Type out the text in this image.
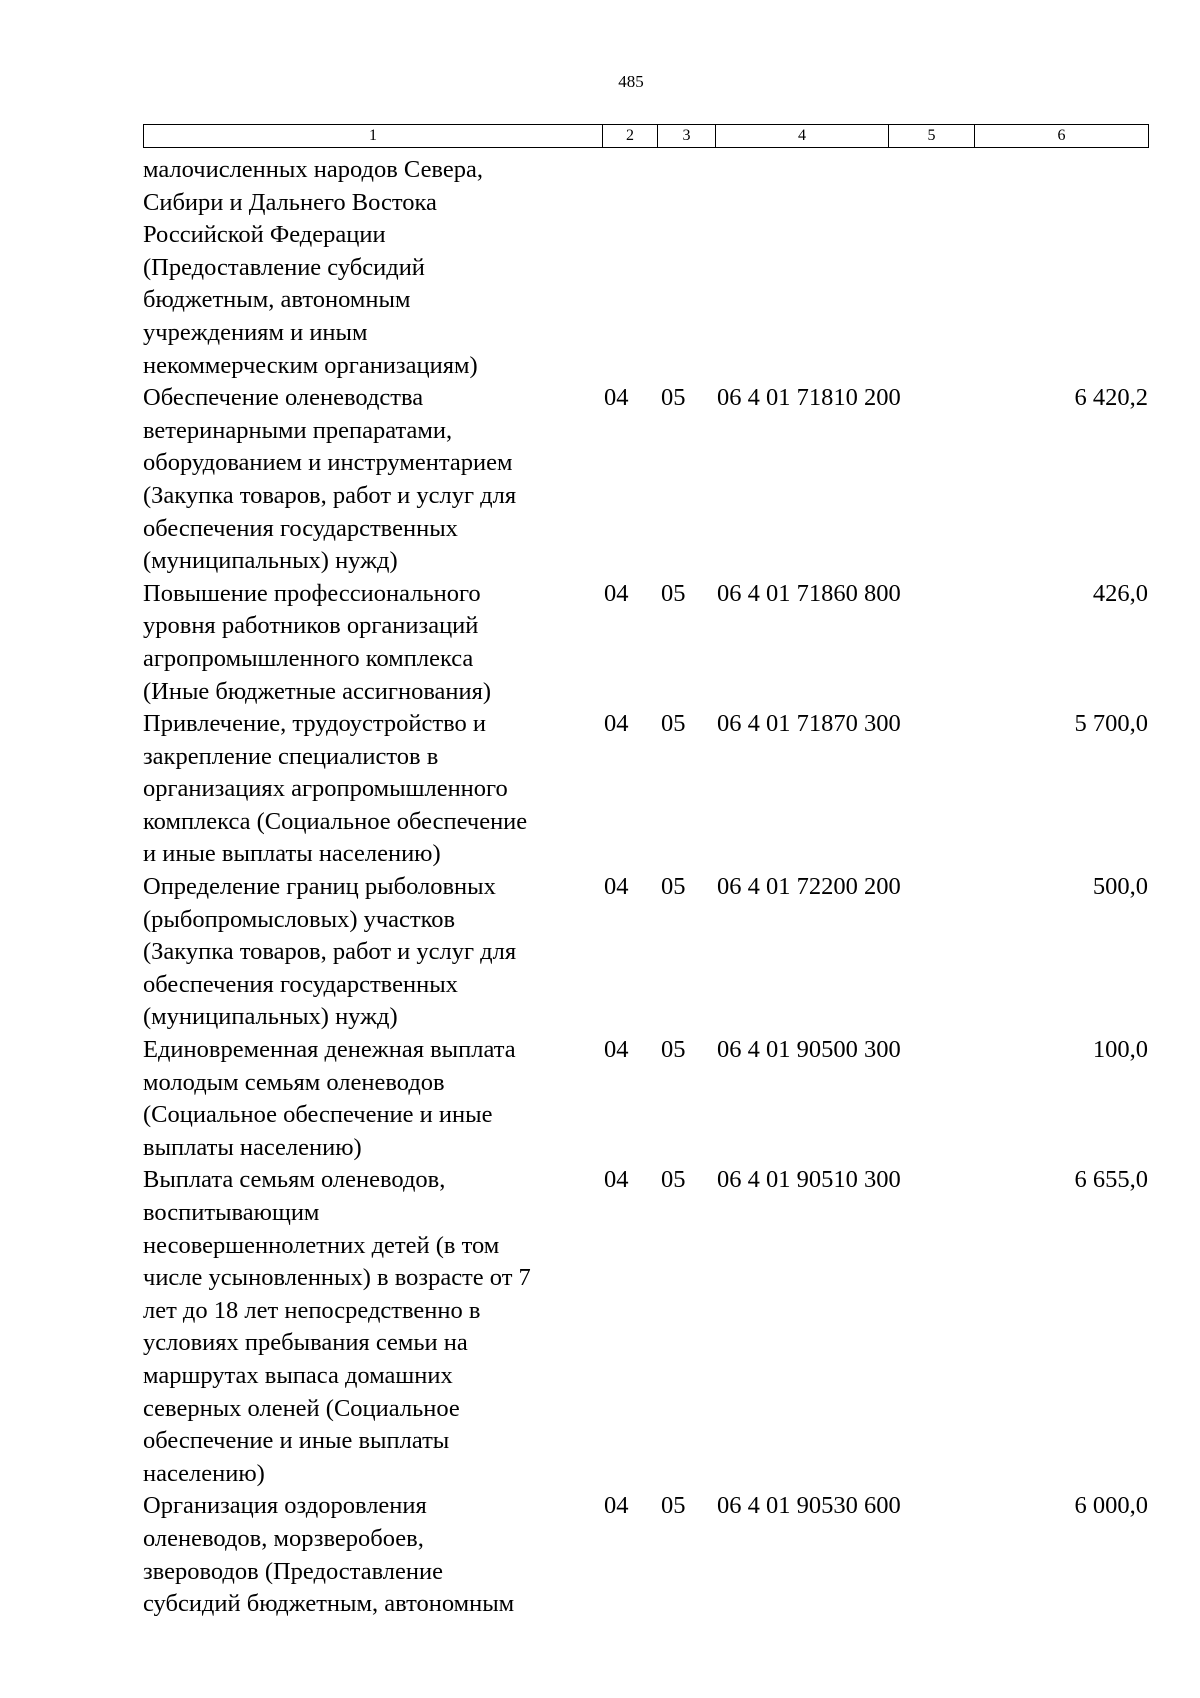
485
1	2	3	4	5	6
малочисленных народов Севера,
Сибири и Дальнего Востока
Российской Федерации
(Предоставление субсидий
бюджетным, автономным
учреждениям и иным
некоммерческим организациям)
Обеспечение оленеводства
ветеринарными препаратами,
оборудованием и инструментарием
(Закупка товаров, работ и услуг для
обеспечения государственных
(муниципальных) нужд)
04 05 06 4 01 71810 200	6 420,2
Повышение профессионального
уровня работников организаций
агропромышленного комплекса
(Иные бюджетные ассигнования)
04 05 06 4 01 71860 800	426,0
Привлечение, трудоустройство и
закрепление специалистов в
организациях агропромышленного
комплекса (Социальное обеспечение
и иные выплаты населению)
04 05 06 4 01 71870 300	5 700,0
Определение границ рыболовных
(рыбопромысловых) участков
(Закупка товаров, работ и услуг для
обеспечения государственных
(муниципальных) нужд)
04 05 06 4 01 72200 200	500,0
Единовременная денежная выплата
молодым семьям оленеводов
(Социальное обеспечение и иные
выплаты населению)
04 05 06 4 01 90500 300	100,0
Выплата семьям оленеводов,
воспитывающим
несовершеннолетних детей (в том
числе усыновленных) в возрасте от 7
лет до 18 лет непосредственно в
условиях пребывания семьи на
маршрутах выпаса домашних
северных оленей (Социальное
обеспечение и иные выплаты
населению)
04 05 06 4 01 90510 300	6 655,0
Организация оздоровления
оленеводов, морзверобоев,
звероводов (Предоставление
субсидий бюджетным, автономным
04 05 06 4 01 90530 600	6 000,0
